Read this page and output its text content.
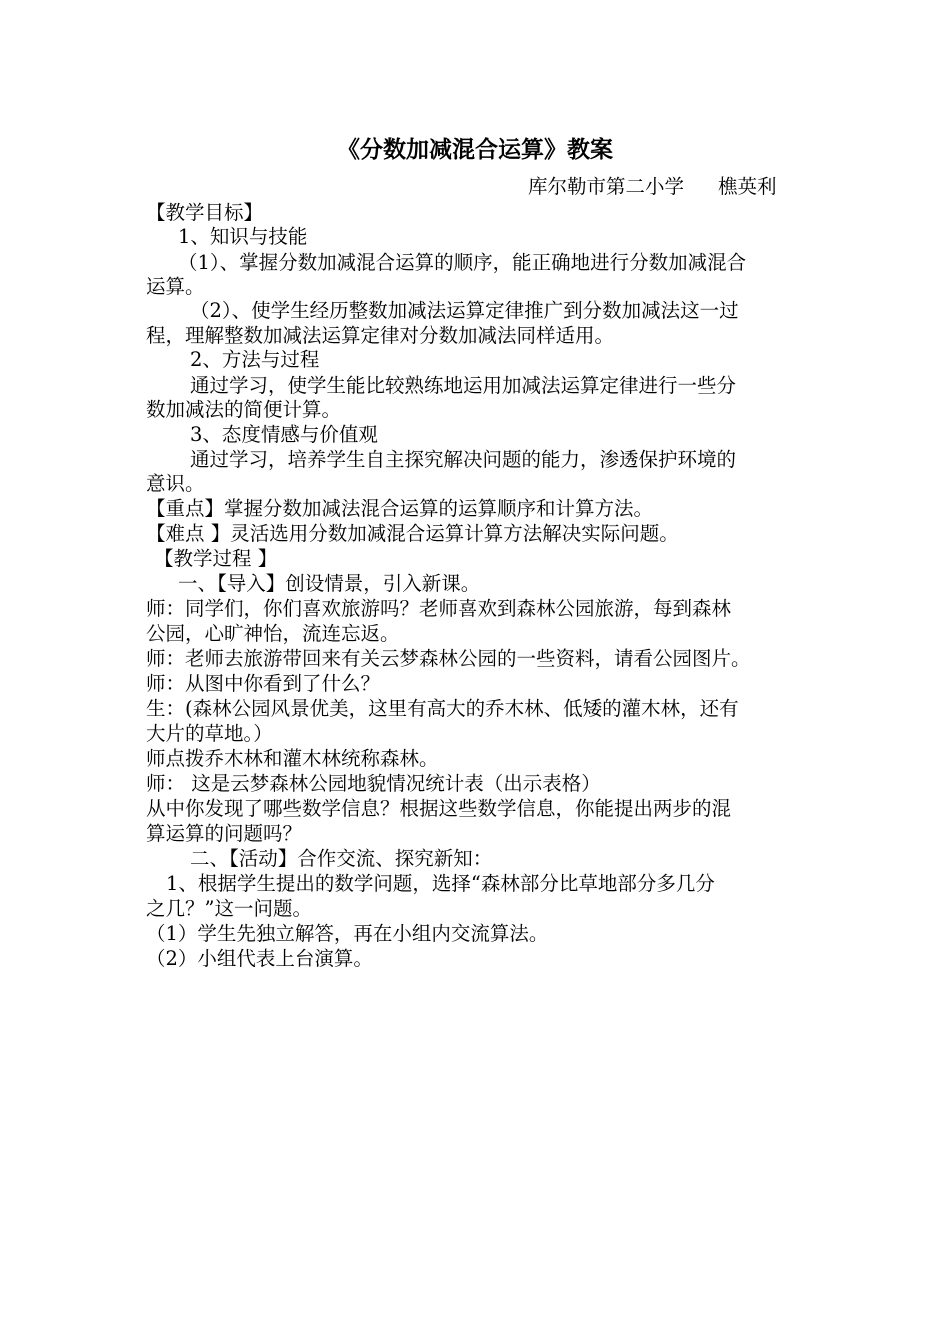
《分数加减混合运算》教案
库尔勒市第二小学 樵英利
【教学目标】
1、知识与技能
（1）、掌握分数加减混合运算的顺序，能正确地进行分数加减混合
运算。
（2）、使学生经历整数加减法运算定律推广到分数加减法这一过
程，理解整数加减法运算定律对分数加减法同样适用。
2、方法与过程
通过学习，使学生能比较熟练地运用加减法运算定律进行一些分
数加减法的简便计算。
3、态度情感与价值观
通过学习，培养学生自主探究解决问题的能力，渗透保护环境的
意识。
【重点】掌握分数加减法混合运算的运算顺序和计算方法。
【难点 】灵活选用分数加减混合运算计算方法解决实际问题。
【教学过程 】
一、【导入】创设情景，引入新课。
师：同学们，你们喜欢旅游吗？老师喜欢到森林公园旅游，每到森林
公园，心旷神怡，流连忘返。
师：老师去旅游带回来有关云梦森林公园的一些资料，请看公园图片。
师：从图中你看到了什么？
生：(森林公园风景优美，这里有高大的乔木林、低矮的灌木林，还有
大片的草地。）
师点拨乔木林和灌木林统称森林。
师： 这是云梦森林公园地貌情况统计表（出示表格）
从中你发现了哪些数学信息？根据这些数学信息，你能提出两步的混
算运算的问题吗？
二、【活动】合作交流、探究新知：
1、根据学生提出的数学问题，选择“森林部分比草地部分多几分
之几？”这一问题。
（1）学生先独立解答，再在小组内交流算法。
（2）小组代表上台演算。
